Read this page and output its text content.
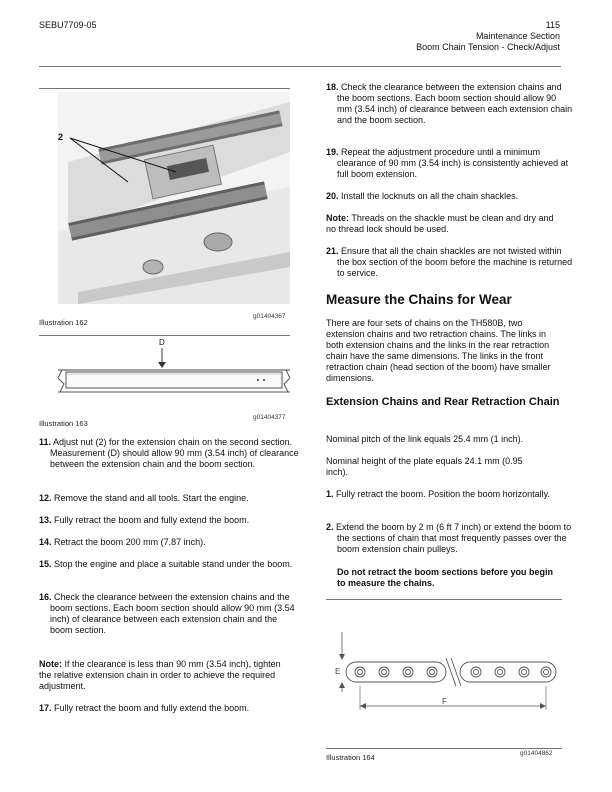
SEBU7709-05	115
Maintenance Section
Boom Chain Tension - Check/Adjust
2
Illustration 162
g01404367
D
Illustration 163
g01404377
11. Adjust nut (2) for the extension chain on the second section. Measurement (D) should allow 90 mm (3.54 inch) of clearance between the extension chain and the boom section.
12. Remove the stand and all tools. Start the engine.
13. Fully retract the boom and fully extend the boom.
14. Retract the boom 200 mm (7.87 inch).
15. Stop the engine and place a suitable stand under the boom.
16. Check the clearance between the extension chains and the boom sections. Each boom section should allow 90 mm (3.54 inch) of clearance between each extension chain and the boom section.
Note: If the clearance is less than 90 mm (3.54 inch), tighten the relative extension chain in order to achieve the required adjustment.
17. Fully retract the boom and fully extend the boom.
18. Check the clearance between the extension chains and the boom sections. Each boom section should allow 90 mm (3.54 inch) of clearance between each extension chain and the boom section.
19. Repeat the adjustment procedure until a minimum clearance of 90 mm (3.54 inch) is consistently achieved at full boom extension.
20. Install the locknuts on all the chain shackles.
Note: Threads on the shackle must be clean and dry and no thread lock should be used.
21. Ensure that all the chain shackles are not twisted within the box section of the boom before the machine is returned to service.
Measure the Chains for Wear
There are four sets of chains on the TH580B, two extension chains and two retraction chains. The links in both extension chains and the links in the rear retraction chain have the same dimensions. The links in the front retraction chain (head section of the boom) have smaller dimensions.
Extension Chains and Rear Retraction Chain
Nominal pitch of the link equals 25.4 mm (1 inch).
Nominal height of the plate equals 24.1 mm (0.95 inch).
1. Fully retract the boom. Position the boom horizontally.
2. Extend the boom by 2 m (6 ft 7 inch) or extend the boom to the sections of chain that most frequently passes over the boom extension chain pulleys.
Do not retract the boom sections before you begin to measure the chains.
E
F
Illustration 164	g01404862
